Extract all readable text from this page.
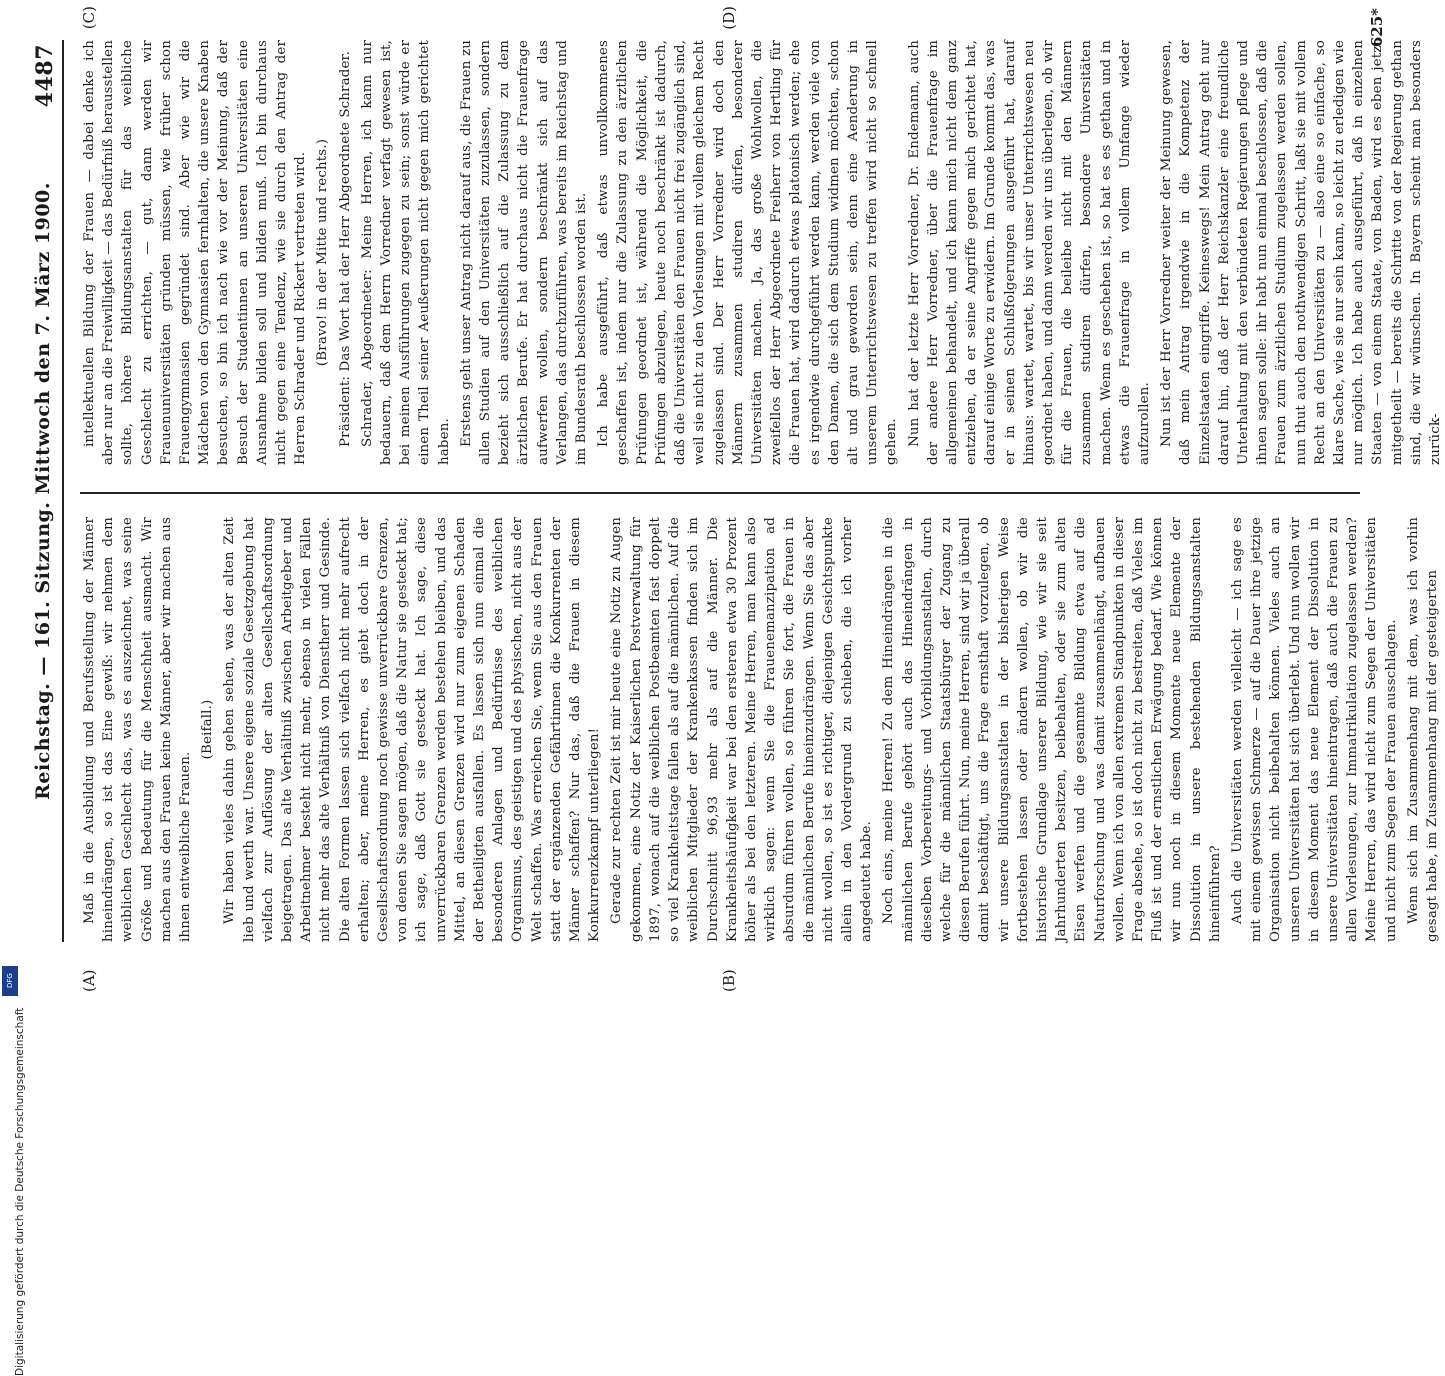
Reichstag. — 161. Sitzung. Mittwoch den 7. März 1900.
4487
(A)	(B)
(C)	(D)

Maß in die Ausbildung und Berufsstellung der Männer hineindrängen, so ist das Eine gewiß: wir nehmen dem weiblichen Geschlecht das, was es auszeichnet, was seine Größe und Bedeutung für die Menschheit ausmacht. Wir machen aus den Frauen keine Männer, aber wir machen aus ihnen entweibliche Frauen.

(Beifall.) Wir haben vieles dahin gehen sehen, was der alten Zeit lieb und werth war. Unsere eigene soziale Gesetzgebung hat vielfach zur Auflösung der alten Gesellschaftsordnung beigetragen. Das alte Verhältniß zwischen Arbeitgeber und Arbeitnehmer besteht nicht mehr, ebenso in vielen Fällen nicht mehr das alte Verhältniß von Dienstherr und Gesinde. Die alten Formen lassen sich vielfach nicht mehr aufrecht erhalten; aber, meine Herren, es giebt doch in der Gesellschaftsordnung noch gewisse unverrückbare Grenzen, von denen Sie sagen mögen, daß die Natur sie gesteckt hat; ich sage, daß Gott sie gesteckt hat. Ich sage, diese unverrückbaren Grenzen werden bestehen bleiben, und das Mittel, an diesen Grenzen wird nur zum eigenen Schaden der Betheiligten ausfallen. Es lassen sich nun einmal die besonderen Anlagen und Bedürfnisse des weiblichen Organismus, des geistigen und des physischen, nicht aus der Welt schaffen. Was erreichen Sie, wenn Sie aus den Frauen statt der ergänzenden Gefährtinnen die Konkurrenten der Männer schaffen? Nur das, daß die Frauen in diesem Konkurrenzkampf unterliegen! Gerade zur rechten Zeit ist mir heute eine Notiz zu Augen gekommen, eine Notiz der Kaiserlichen Postverwaltung für 1897, wonach auf die weiblichen Postbeamten fast doppelt so viel Krankheitstage fallen als auf die männlichen. Auf die weiblichen Mitglieder der Krankenkassen finden sich im Durchschnitt 96,93 mehr als auf die Männer. Die Krankheitshäufigkeit war bei den ersteren etwa 30 Prozent höher als bei den letzteren. Meine Herren, man kann also wirklich sagen: wenn Sie die Frauenemanzipation ad absurdum führen wollen, so führen Sie fort, die Frauen in die männlichen Berufe hineinzudrängen. Wenn Sie das aber nicht wollen, so ist es richtiger, diejenigen Gesichtspunkte allein in den Vordergrund zu schieben, die ich vorher angedeutet habe. Noch eins, meine Herren! Zu dem Hineindrängen in die männlichen Berufe gehört auch das Hineindrängen in dieselben Vorbereitungs- und Vorbildungsanstalten, durch welche für die männlichen Staatsbürger der Zugang zu diesen Berufen führt. Nun, meine Herren, sind wir ja überall damit beschäftigt, uns die Frage ernsthaft vorzulegen, ob wir unsere Bildungsanstalten in der bisherigen Weise fortbestehen lassen oder ändern wollen, ob wir die historische Grundlage unserer Bildung, wie wir sie seit Jahrhunderten besitzen, beibehalten, oder sie zum alten Eisen werfen und die gesammte Bildung etwa auf die Naturforschung und was damit zusammenhängt, aufbauen wollen. Wenn ich von allen extremen Standpunkten in dieser Frage absehe, so ist doch nicht zu bestreiten, daß Vieles im Fluß ist und der ernstlichen Erwägung bedarf. Wie können wir nun noch in diesem Momente neue Elemente der Dissolution in unsere bestehenden Bildungsanstalten hineinführen? Auch die Universitäten werden vielleicht — ich sage es mit einem gewissen Schmerze — auf die Dauer ihre jetzige Organisation nicht beibehalten können. Vieles auch an unseren Universitäten hat sich überlebt. Und nun wollen wir in diesem Moment das neue Element der Dissolution in unsere Universitäten hineintragen, daß auch die Frauen zu allen Vorlesungen, zur Immatrikulation zugelassen werden? Meine Herren, das wird nicht zum Segen der Universitäten und nicht zum Segen der Frauen ausschlagen. Wenn sich im Zusammenhang mit dem, was ich vorhin gesagt habe, im Zusammenhang mit der gesteigerten

intellektuellen Bildung der Frauen — dabei denke ich aber nur an die Freiwilligkeit — das Bedürfniß herausstellen sollte, höhere Bildungsanstalten für das weibliche Geschlecht zu errichten, — gut, dann werden wir Frauenuniversitäten gründen müssen, wie früher schon Frauengymnasien gegründet sind. Aber wie wir die Mädchen von den Gymnasien fernhalten, die unsere Knaben besuchen, so bin ich nach wie vor der Meinung, daß der Besuch der Studentinnen an unseren Universitäten eine Ausnahme bilden soll und bilden muß. Ich bin durchaus nicht gegen eine Tendenz, wie sie durch den Antrag der Herren Schrader und Rickert vertreten wird. (Bravo! in der Mitte und rechts.) Präsident: Das Wort hat der Herr Abgeordnete Schrader. Schrader, Abgeordneter: Meine Herren, ich kann nur bedauern, daß dem Herrn Vorredner verfagt gewesen ist, bei meinen Ausführungen zugegen zu sein; sonst würde er einen Theil seiner Aeußerungen nicht gegen mich gerichtet haben. Erstens geht unser Antrag nicht darauf aus, die Frauen zu allen Studien auf den Universitäten zuzulassen, sondern bezieht sich ausschließlich auf die Zulassung zu dem ärztlichen Berufe. Er hat durchaus nicht die Frauenfrage aufwerfen wollen, sondern beschränkt sich auf das Verlangen, das durchzuführen, was bereits im Reichstag und im Bundesrath beschlossen worden ist. Ich habe ausgeführt, daß etwas unvollkommenes geschaffen ist, indem nur die Zulassung zu den ärztlichen Prüfungen geordnet ist, während die Möglichkeit, die Prüfungen abzulegen, heute noch beschränkt ist dadurch, daß die Universitäten den Frauen nicht frei zugänglich sind, weil sie nicht zu den Vorlesungen mit vollem gleichem Recht zugelassen sind. Der Herr Vorredner wird doch den Männern zusammen studiren dürfen, besonderer Universitäten machen. Ja, das große Wohlwollen, die zweifellos der Herr Abgeordnete Freiherr von Hertling für die Frauen hat, wird dadurch etwas platonisch werden; ehe es irgendwie durchgeführt werden kann, werden viele von den Damen, die sich dem Studium widmen möchten, schon alt und grau geworden sein, denn eine Aenderung in unserem Unterrichtswesen zu treffen wird nicht so schnell gehen. Nun hat der letzte Herr Vorredner, Dr. Endemann, auch der andere Herr Vorredner, über die Frauenfrage im allgemeinen behandelt, und ich kann mich nicht dem ganz entziehen, da er seine Angriffe gegen mich gerichtet hat, darauf einige Worte zu erwidern. Im Grunde kommt das, was er in seinen Schlußfolgerungen ausgeführt hat, darauf hinaus: wartet, wartet, bis wir unser Unterrichtswesen neu geordnet haben, und dann werden wir uns überlegen, ob wir für die Frauen, die beileibe nicht mit den Männern zusammen studiren dürfen, besondere Universitäten machen. Wenn es geschehen ist, so hat es es gethan und in etwas die Frauenfrage in vollem Umfange wieder aufzurollen. Nun ist der Herr Vorredner weiter der Meinung gewesen, daß mein Antrag irgendwie in die Kompetenz der Einzelstaaten eingriffe. Keineswegs! Mein Antrag geht nur darauf hin, daß der Herr Reichskanzler eine freundliche Unterhaltung mit den verbündeten Regierungen pflege und ihnen sagen solle: ihr habt nun einmal beschlossen, daß die Frauen zum ärztlichen Studium zugelassen werden sollen, nun thut auch den nothwendigen Schritt, laßt sie mit vollem Recht an den Universitäten zu — also eine so einfache, so klare Sache, wie sie nur sein kann, so leicht zu erledigen wie nur möglich. Ich habe auch ausgeführt, daß in einzelnen Staaten — von einem Staate, von Baden, wird es eben jetzt mitgetheilt — bereits die Schritte von der Regierung gethan sind, die wir wünschen. In Bayern scheint man besonders zurück-

625*
DFG
Digitalisierung gefördert durch die Deutsche Forschungsgemeinschaft
